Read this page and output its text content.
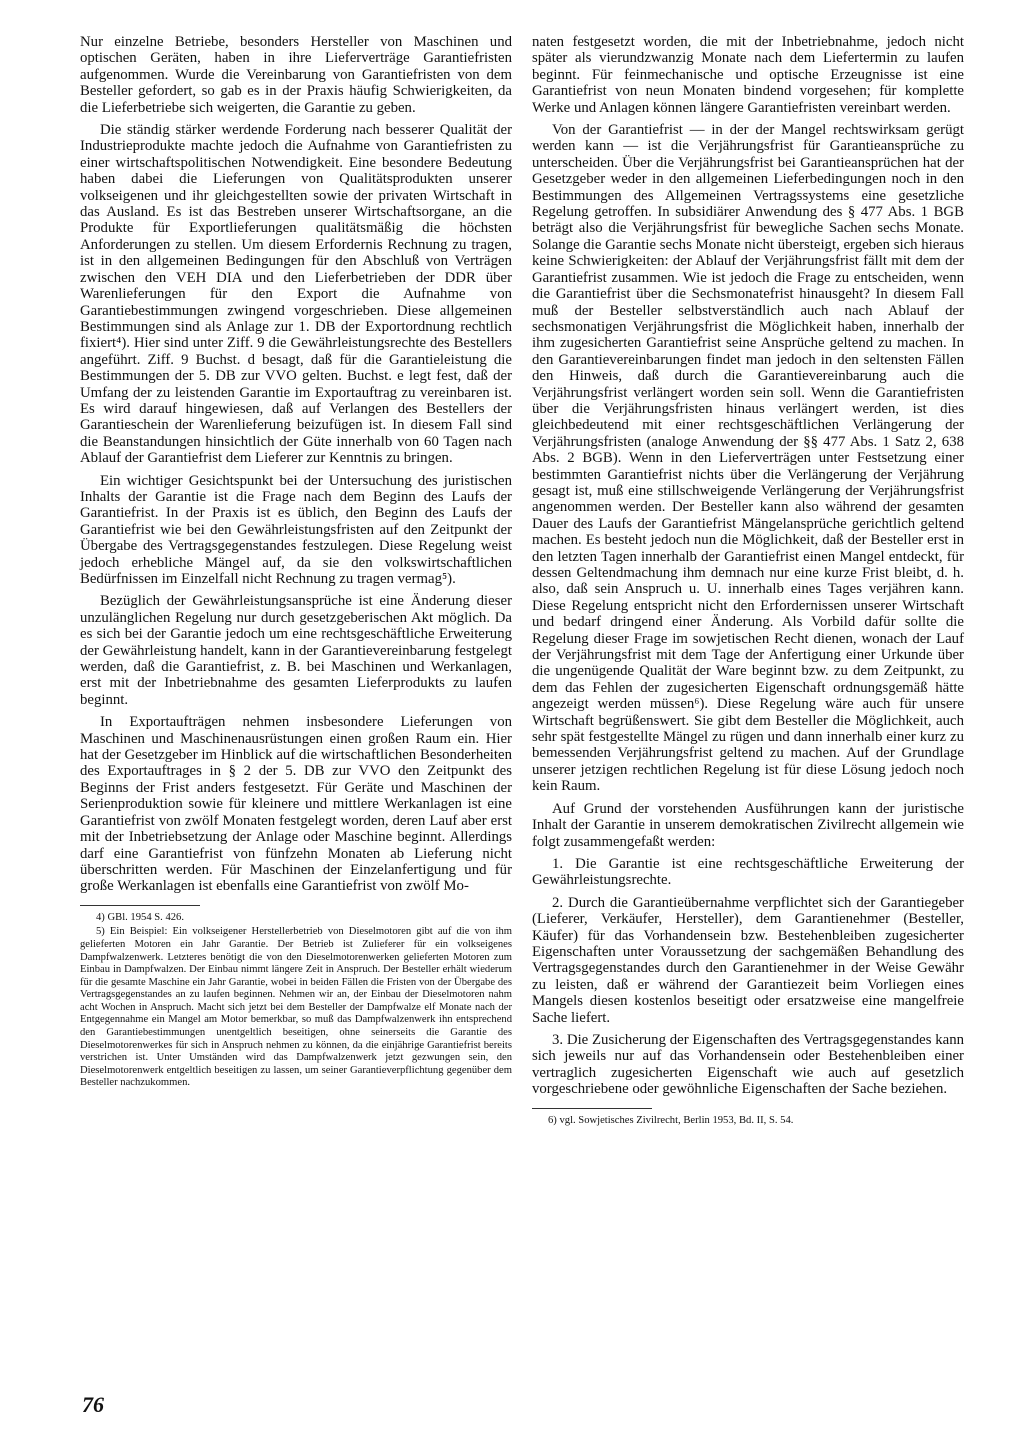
Nur einzelne Betriebe, besonders Hersteller von Maschinen und optischen Geräten, haben in ihre Lieferverträge Garantiefristen aufgenommen. Wurde die Vereinbarung von Garantiefristen von dem Besteller gefordert, so gab es in der Praxis häufig Schwierigkeiten, da die Lieferbetriebe sich weigerten, die Garantie zu geben.

Die ständig stärker werdende Forderung nach besserer Qualität der Industrieprodukte machte jedoch die Aufnahme von Garantiefristen zu einer wirtschaftspolitischen Notwendigkeit. Eine besondere Bedeutung haben dabei die Lieferungen von Qualitätsprodukten unserer volkseigenen und ihr gleichgestellten sowie der privaten Wirtschaft in das Ausland. Es ist das Bestreben unserer Wirtschaftsorgane, an die Produkte für Exportlieferungen qualitätsmäßig die höchsten Anforderungen zu stellen. Um diesem Erfordernis Rechnung zu tragen, ist in den allgemeinen Bedingungen für den Abschluß von Verträgen zwischen den VEH DIA und den Lieferbetrieben der DDR über Warenlieferungen für den Export die Aufnahme von Garantiebestimmungen zwingend vorgeschrieben. Diese allgemeinen Bestimmungen sind als Anlage zur 1. DB der Exportordnung rechtlich fixiert⁴). Hier sind unter Ziff. 9 die Gewährleistungsrechte des Bestellers angeführt. Ziff. 9 Buchst. d besagt, daß für die Garantieleistung die Bestimmungen der 5. DB zur VVO gelten. Buchst. e legt fest, daß der Umfang der zu leistenden Garantie im Exportauftrag zu vereinbaren ist. Es wird darauf hingewiesen, daß auf Verlangen des Bestellers der Garantieschein der Warenlieferung beizufügen ist. In diesem Fall sind die Beanstandungen hinsichtlich der Güte innerhalb von 60 Tagen nach Ablauf der Garantiefrist dem Lieferer zur Kenntnis zu bringen.

Ein wichtiger Gesichtspunkt bei der Untersuchung des juristischen Inhalts der Garantie ist die Frage nach dem Beginn des Laufs der Garantiefrist. In der Praxis ist es üblich, den Beginn des Laufs der Garantiefrist wie bei den Gewährleistungsfristen auf den Zeitpunkt der Übergabe des Vertragsgegenstandes festzulegen. Diese Regelung weist jedoch erhebliche Mängel auf, da sie den volkswirtschaftlichen Bedürfnissen im Einzelfall nicht Rechnung zu tragen vermag⁵).

Bezüglich der Gewährleistungsansprüche ist eine Änderung dieser unzulänglichen Regelung nur durch gesetzgeberischen Akt möglich. Da es sich bei der Garantie jedoch um eine rechtsgeschäftliche Erweiterung der Gewährleistung handelt, kann in der Garantievereinbarung festgelegt werden, daß die Garantiefrist, z. B. bei Maschinen und Werkanlagen, erst mit der Inbetriebnahme des gesamten Lieferprodukts zu laufen beginnt.

In Exportaufträgen nehmen insbesondere Lieferungen von Maschinen und Maschinenausrüstungen einen großen Raum ein. Hier hat der Gesetzgeber im Hinblick auf die wirtschaftlichen Besonderheiten des Exportauftrages in § 2 der 5. DB zur VVO den Zeitpunkt des Beginns der Frist anders festgesetzt. Für Geräte und Maschinen der Serienproduktion sowie für kleinere und mittlere Werkanlagen ist eine Garantiefrist von zwölf Monaten festgelegt worden, deren Lauf aber erst mit der Inbetriebsetzung der Anlage oder Maschine beginnt. Allerdings darf eine Garantiefrist von fünfzehn Monaten ab Lieferung nicht überschritten werden. Für Maschinen der Einzelanfertigung und für große Werkanlagen ist ebenfalls eine Garantiefrist von zwölf Mo-

4) GBl. 1954 S. 426.

5) Ein Beispiel: Ein volkseigener Herstellerbetrieb von Dieselmotoren gibt auf die von ihm gelieferten Motoren ein Jahr Garantie. Der Betrieb ist Zulieferer für ein volkseigenes Dampfwalzenwerk. Letzteres benötigt die von den Dieselmotorenwerken gelieferten Motoren zum Einbau in Dampfwalzen. Der Einbau nimmt längere Zeit in Anspruch. Der Besteller erhält wiederum für die gesamte Maschine ein Jahr Garantie, wobei in beiden Fällen die Fristen von der Übergabe des Vertragsgegenstandes an zu laufen beginnen. Nehmen wir an, der Einbau der Dieselmotoren nahm acht Wochen in Anspruch. Macht sich jetzt bei dem Besteller der Dampfwalze elf Monate nach der Entgegennahme ein Mangel am Motor bemerkbar, so muß das Dampfwalzenwerk ihn entsprechend den Garantiebestimmungen unentgeltlich beseitigen, ohne seinerseits die Garantie des Dieselmotorenwerkes für sich in Anspruch nehmen zu können, da die einjährige Garantiefrist bereits verstrichen ist. Unter Umständen wird das Dampfwalzenwerk jetzt gezwungen sein, den Dieselmotorenwerk entgeltlich beseitigen zu lassen, um seiner Garantieverpflichtung gegenüber dem Besteller nachzukommen.

naten festgesetzt worden, die mit der Inbetriebnahme, jedoch nicht später als vierundzwanzig Monate nach dem Liefertermin zu laufen beginnt. Für feinmechanische und optische Erzeugnisse ist eine Garantiefrist von neun Monaten bindend vorgesehen; für komplette Werke und Anlagen können längere Garantiefristen vereinbart werden.

Von der Garantiefrist — in der der Mangel rechtswirksam gerügt werden kann — ist die Verjährungsfrist für Garantieansprüche zu unterscheiden. Über die Verjährungsfrist bei Garantieansprüchen hat der Gesetzgeber weder in den allgemeinen Lieferbedingungen noch in den Bestimmungen des Allgemeinen Vertragssystems eine gesetzliche Regelung getroffen. In subsidiärer Anwendung des § 477 Abs. 1 BGB beträgt also die Verjährungsfrist für bewegliche Sachen sechs Monate. Solange die Garantie sechs Monate nicht übersteigt, ergeben sich hieraus keine Schwierigkeiten: der Ablauf der Verjährungsfrist fällt mit dem der Garantiefrist zusammen. Wie ist jedoch die Frage zu entscheiden, wenn die Garantiefrist über die Sechsmonatefrist hinausgeht? In diesem Fall muß der Besteller selbstverständlich auch nach Ablauf der sechsmonatigen Verjährungsfrist die Möglichkeit haben, innerhalb der ihm zugesicherten Garantiefrist seine Ansprüche geltend zu machen. In den Garantievereinbarungen findet man jedoch in den seltensten Fällen den Hinweis, daß durch die Garantievereinbarung auch die Verjährungsfrist verlängert worden sein soll. Wenn die Garantiefristen über die Verjährungsfristen hinaus verlängert werden, ist dies gleichbedeutend mit einer rechtsgeschäftlichen Verlängerung der Verjährungsfristen (analoge Anwendung der §§ 477 Abs. 1 Satz 2, 638 Abs. 2 BGB). Wenn in den Lieferverträgen unter Festsetzung einer bestimmten Garantiefrist nichts über die Verlängerung der Verjährung gesagt ist, muß eine stillschweigende Verlängerung der Verjährungsfrist angenommen werden. Der Besteller kann also während der gesamten Dauer des Laufs der Garantiefrist Mängelansprüche gerichtlich geltend machen. Es besteht jedoch nun die Möglichkeit, daß der Besteller erst in den letzten Tagen innerhalb der Garantiefrist einen Mangel entdeckt, für dessen Geltendmachung ihm demnach nur eine kurze Frist bleibt, d. h. also, daß sein Anspruch u. U. innerhalb eines Tages verjähren kann. Diese Regelung entspricht nicht den Erfordernissen unserer Wirtschaft und bedarf dringend einer Änderung. Als Vorbild dafür sollte die Regelung dieser Frage im sowjetischen Recht dienen, wonach der Lauf der Verjährungsfrist mit dem Tage der Anfertigung einer Urkunde über die ungenügende Qualität der Ware beginnt bzw. zu dem Zeitpunkt, zu dem das Fehlen der zugesicherten Eigenschaft ordnungsgemäß hätte angezeigt werden müssen⁶). Diese Regelung wäre auch für unsere Wirtschaft begrüßenswert. Sie gibt dem Besteller die Möglichkeit, auch sehr spät festgestellte Mängel zu rügen und dann innerhalb einer kurz zu bemessenden Verjährungsfrist geltend zu machen. Auf der Grundlage unserer jetzigen rechtlichen Regelung ist für diese Lösung jedoch noch kein Raum.

Auf Grund der vorstehenden Ausführungen kann der juristische Inhalt der Garantie in unserem demokratischen Zivilrecht allgemein wie folgt zusammengefaßt werden:

1. Die Garantie ist eine rechtsgeschäftliche Erweiterung der Gewährleistungsrechte.

2. Durch die Garantieübernahme verpflichtet sich der Garantiegeber (Lieferer, Verkäufer, Hersteller), dem Garantienehmer (Besteller, Käufer) für das Vorhandensein bzw. Bestehenbleiben zugesicherter Eigenschaften unter Voraussetzung der sachgemäßen Behandlung des Vertragsgegenstandes durch den Garantienehmer in der Weise Gewähr zu leisten, daß er während der Garantiezeit beim Vorliegen eines Mangels diesen kostenlos beseitigt oder ersatzweise eine mangelfreie Sache liefert.

3. Die Zusicherung der Eigenschaften des Vertragsgegenstandes kann sich jeweils nur auf das Vorhandensein oder Bestehenbleiben einer vertraglich zugesicherten Eigenschaft wie auch auf gesetzlich vorgeschriebene oder gewöhnliche Eigenschaften der Sache beziehen.

6) vgl. Sowjetisches Zivilrecht, Berlin 1953, Bd. II, S. 54.

76
